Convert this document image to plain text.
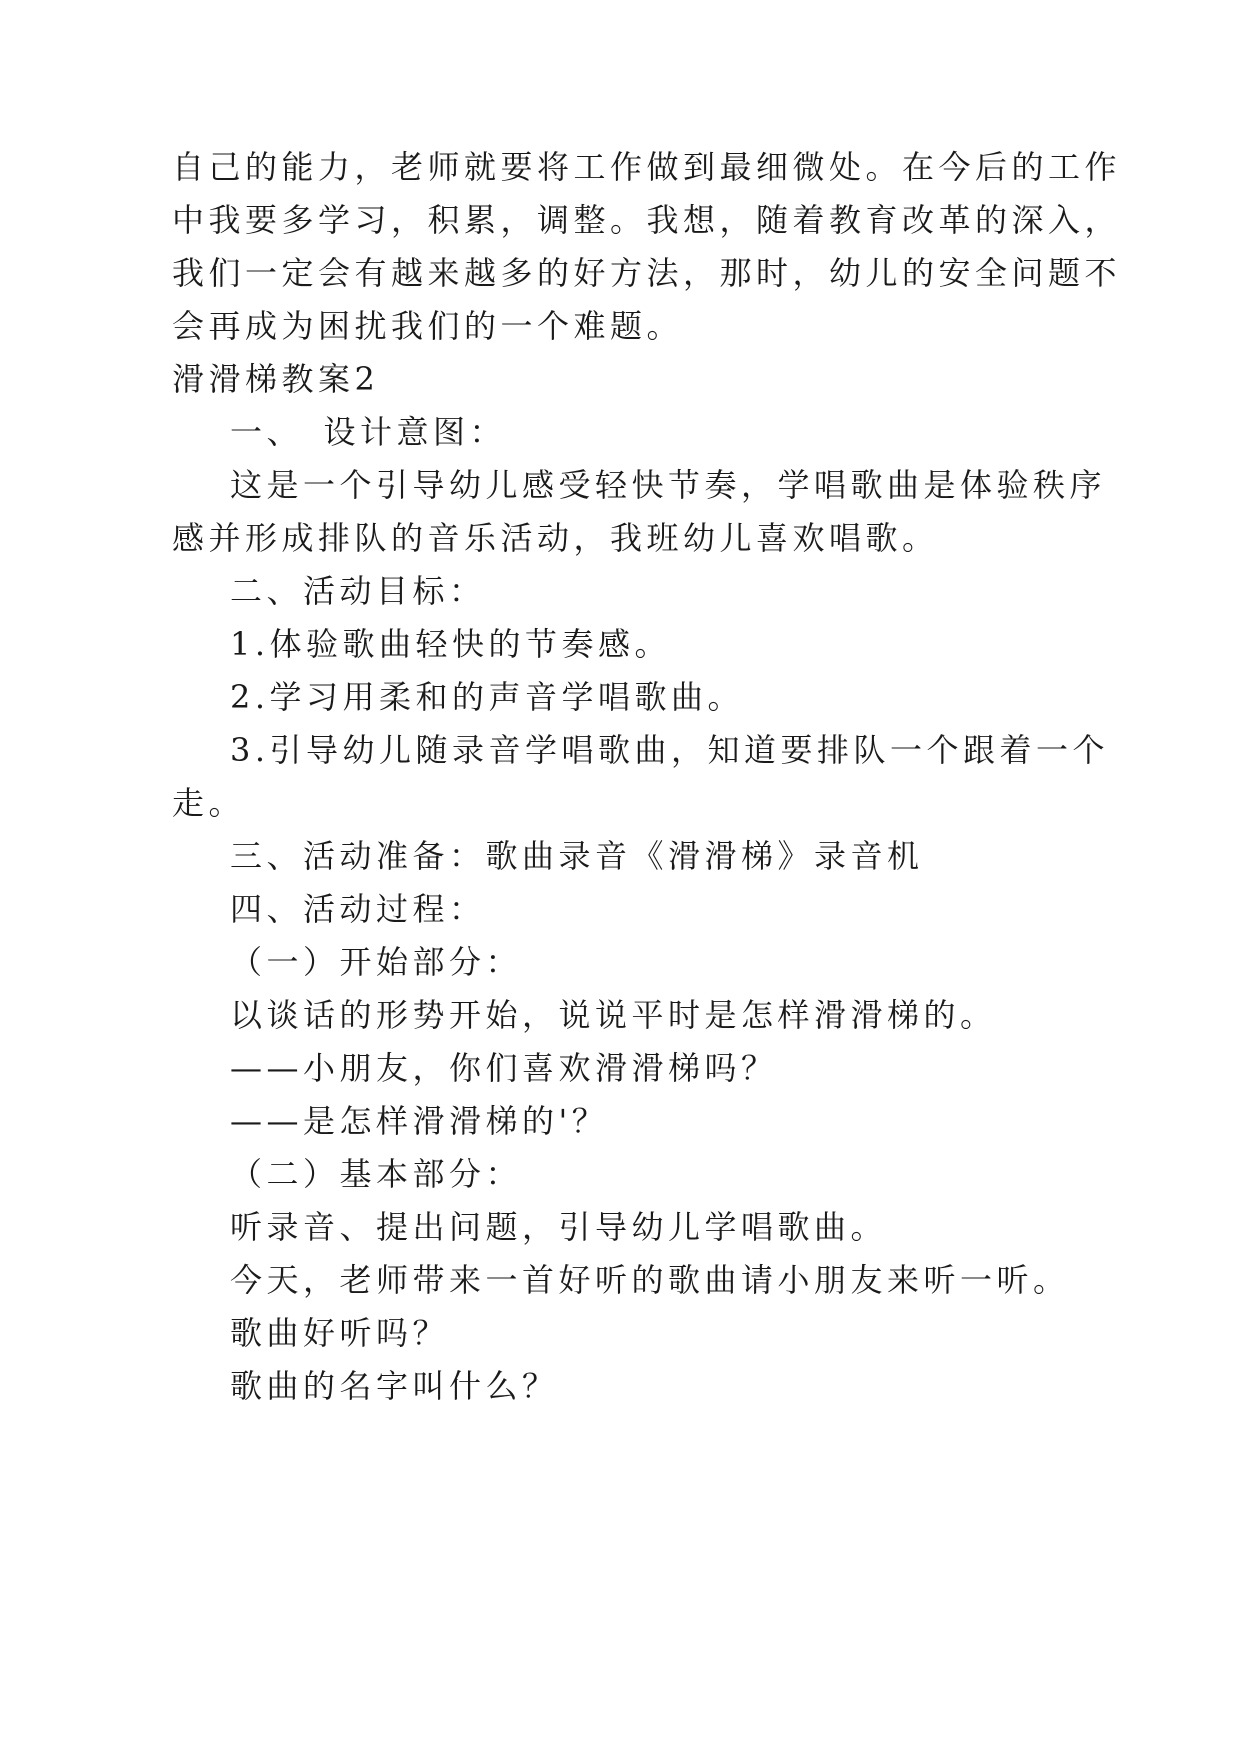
自己的能力，老师就要将工作做到最细微处。在今后的工作
中我要多学习，积累，调整。我想，随着教育改革的深入，
我们一定会有越来越多的好方法，那时，幼儿的安全问题不
会再成为困扰我们的一个难题。
滑滑梯教案2
一、　设计意图：
这是一个引导幼儿感受轻快节奏，学唱歌曲是体验秩序
感并形成排队的音乐活动，我班幼儿喜欢唱歌。
二、活动目标：
1.体验歌曲轻快的节奏感。
2.学习用柔和的声音学唱歌曲。
3.引导幼儿随录音学唱歌曲，知道要排队一个跟着一个
走。
三、活动准备：歌曲录音《滑滑梯》录音机
四、活动过程：
（一）开始部分：
以谈话的形势开始，说说平时是怎样滑滑梯的。
——小朋友，你们喜欢滑滑梯吗？
——是怎样滑滑梯的'？
（二）基本部分：
听录音、提出问题，引导幼儿学唱歌曲。
今天，老师带来一首好听的歌曲请小朋友来听一听。
歌曲好听吗？
歌曲的名字叫什么？
